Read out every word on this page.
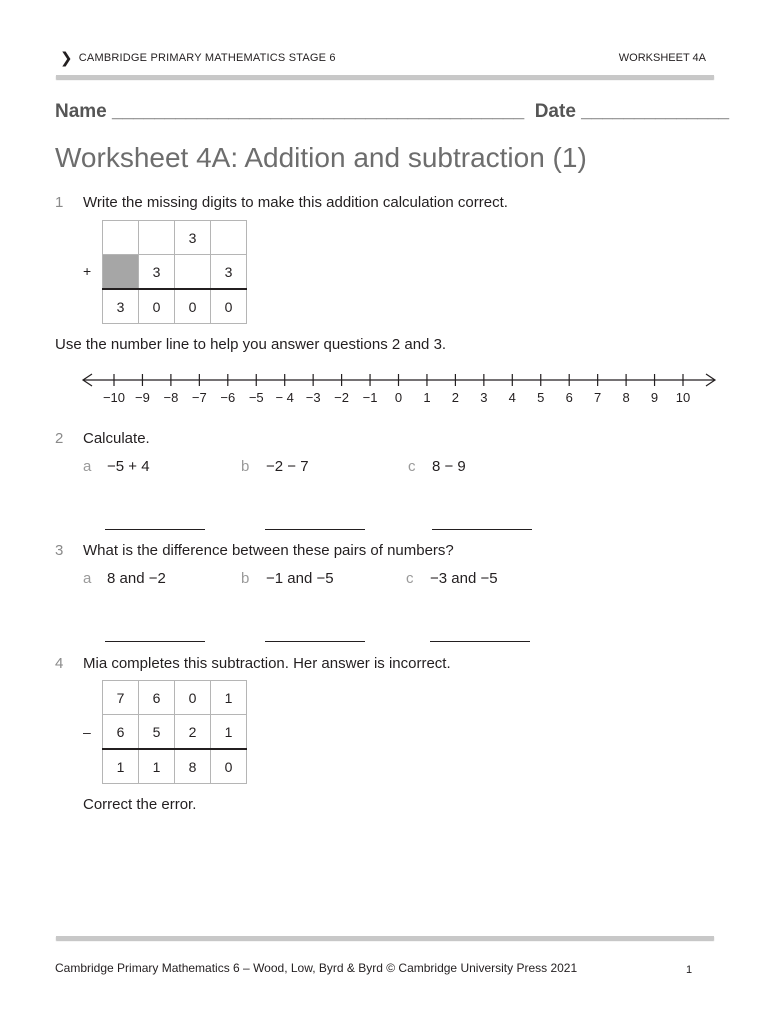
❯ CAMBRIDGE PRIMARY MATHEMATICS STAGE 6	WORKSHEET 4A
Name _______________________________________ Date ______________
Worksheet 4A: Addition and subtraction (1)
1 Write the missing digits to make this addition calculation correct.
+
		3	
	3		3
3	0	0	0
Use the number line to help you answer questions 2 and 3.
−10 −9 −8 −7 −6 −5 − 4 −3 −2 −1 0 1 2 3 4 5 6 7 8 9 10
2 Calculate.
a −5 + 4	b −2 − 7	c 8 − 9
3 What is the difference between these pairs of numbers?
a 8 and −2	b −1 and −5	c −3 and −5
4 Mia completes this subtraction. Her answer is incorrect.
–
7	6	0	1
6	5	2	1
1	1	8	0
Correct the error.
Cambridge Primary Mathematics 6 – Wood, Low, Byrd & Byrd © Cambridge University Press 2021	1
